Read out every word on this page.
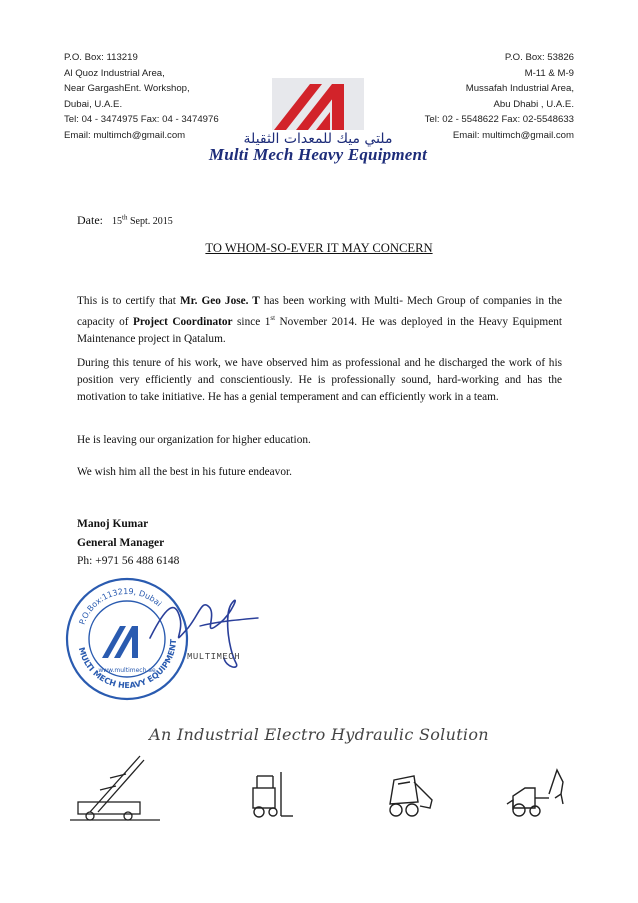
P.O. Box: 113219
Al Quoz Industrial Area,
Near GargashEnt. Workshop,
Dubai, U.A.E.
Tel: 04 - 3474975 Fax: 04 - 3474976
Email: multimch@gmail.com
P.O. Box: 53826
M-11 & M-9
Mussafah Industrial Area,
Abu Dhabi , U.A.E.
Tel: 02 - 5548622 Fax: 02-5548633
Email: multimch@gmail.com
ملتي ميك للمعدات الثقيلة
Multi Mech Heavy Equipment
Date: 15th Sept. 2015
TO WHOM-SO-EVER IT MAY CONCERN
This is to certify that Mr. Geo Jose. T has been working with Multi- Mech Group of companies in the capacity of Project Coordinator since 1st November 2014. He was deployed in the Heavy Equipment Maintenance project in Qatalum.
During this tenure of his work, we have observed him as professional and he discharged the work of his position very efficiently and conscientiously. He is professionally sound, hard-working and has the motivation to take initiative. He has a genial temperament and can efficiently work in a team.
He is leaving our organization for higher education.
We wish him all the best in his future endeavor.
Manoj Kumar
General Manager
Ph: +971 56 488 6148
P.O.Box:113219, Dubai
MULTI MECH HEAVY EQUIPMENT
www.multimech.ae
MULTIMECH
An Industrial Electro Hydraulic Solution
